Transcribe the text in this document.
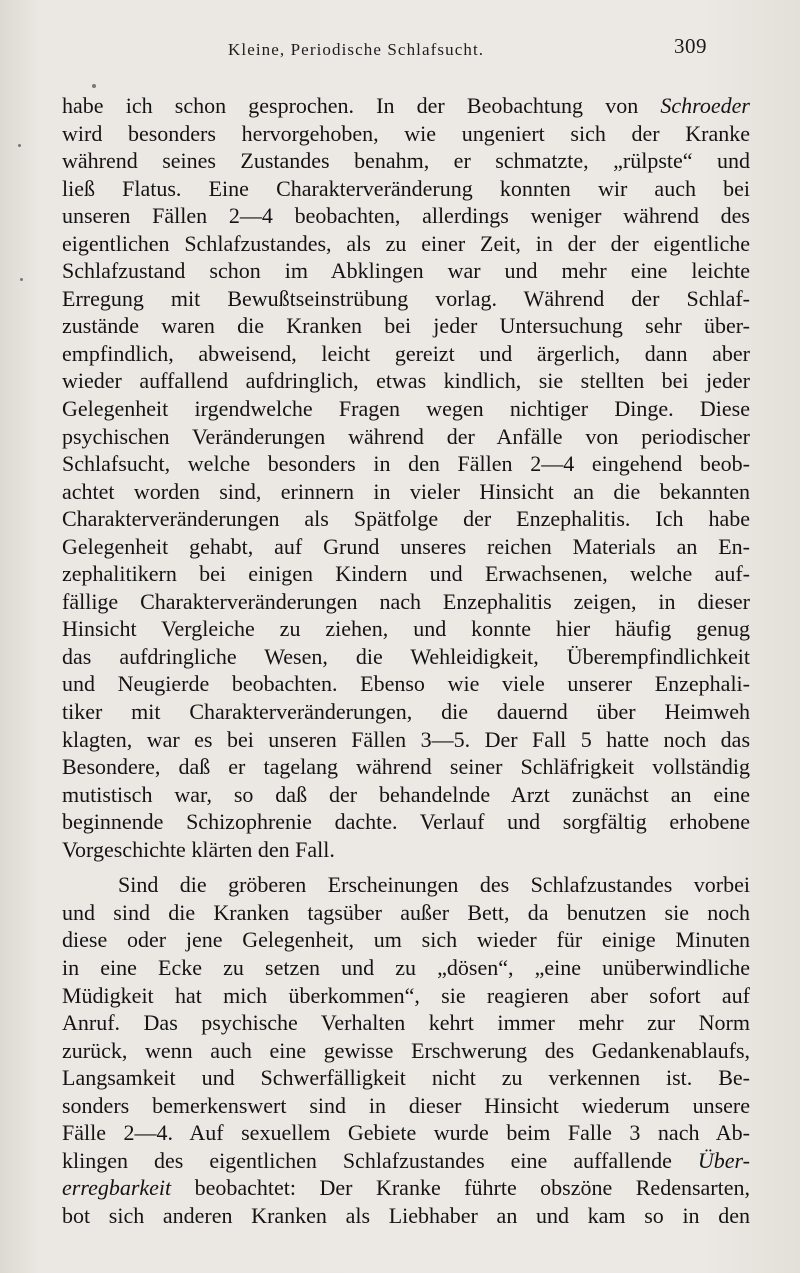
Kleine, Periodische Schlafsucht.	309
habe ich schon gesprochen. In der Beobachtung von Schroeder
wird besonders hervorgehoben, wie ungeniert sich der Kranke
während seines Zustandes benahm, er schmatzte, „rülpste“ und
ließ Flatus. Eine Charakterveränderung konnten wir auch bei
unseren Fällen 2—4 beobachten, allerdings weniger während des
eigentlichen Schlafzustandes, als zu einer Zeit, in der der eigentliche
Schlafzustand schon im Abklingen war und mehr eine leichte
Erregung mit Bewußtseinstrübung vorlag. Während der Schlaf-
zustände waren die Kranken bei jeder Untersuchung sehr über-
empfindlich, abweisend, leicht gereizt und ärgerlich, dann aber
wieder auffallend aufdringlich, etwas kindlich, sie stellten bei jeder
Gelegenheit irgendwelche Fragen wegen nichtiger Dinge. Diese
psychischen Veränderungen während der Anfälle von periodischer
Schlafsucht, welche besonders in den Fällen 2—4 eingehend beob-
achtet worden sind, erinnern in vieler Hinsicht an die bekannten
Charakterveränderungen als Spätfolge der Enzephalitis. Ich habe
Gelegenheit gehabt, auf Grund unseres reichen Materials an En-
zephalitikern bei einigen Kindern und Erwachsenen, welche auf-
fällige Charakterveränderungen nach Enzephalitis zeigen, in dieser
Hinsicht Vergleiche zu ziehen, und konnte hier häufig genug
das aufdringliche Wesen, die Wehleidigkeit, Überempfindlichkeit
und Neugierde beobachten. Ebenso wie viele unserer Enzephali-
tiker mit Charakterveränderungen, die dauernd über Heimweh
klagten, war es bei unseren Fällen 3—5. Der Fall 5 hatte noch das
Besondere, daß er tagelang während seiner Schläfrigkeit vollständig
mutistisch war, so daß der behandelnde Arzt zunächst an eine
beginnende Schizophrenie dachte. Verlauf und sorgfältig erhobene
Vorgeschichte klärten den Fall.
Sind die gröberen Erscheinungen des Schlafzustandes vorbei
und sind die Kranken tagsüber außer Bett, da benutzen sie noch
diese oder jene Gelegenheit, um sich wieder für einige Minuten
in eine Ecke zu setzen und zu „dösen“, „eine unüberwindliche
Müdigkeit hat mich überkommen“, sie reagieren aber sofort auf
Anruf. Das psychische Verhalten kehrt immer mehr zur Norm
zurück, wenn auch eine gewisse Erschwerung des Gedankenablaufs,
Langsamkeit und Schwerfälligkeit nicht zu verkennen ist. Be-
sonders bemerkenswert sind in dieser Hinsicht wiederum unsere
Fälle 2—4. Auf sexuellem Gebiete wurde beim Falle 3 nach Ab-
klingen des eigentlichen Schlafzustandes eine auffallende Über-
erregbarkeit beobachtet: Der Kranke führte obszöne Redensarten,
bot sich anderen Kranken als Liebhaber an und kam so in den
